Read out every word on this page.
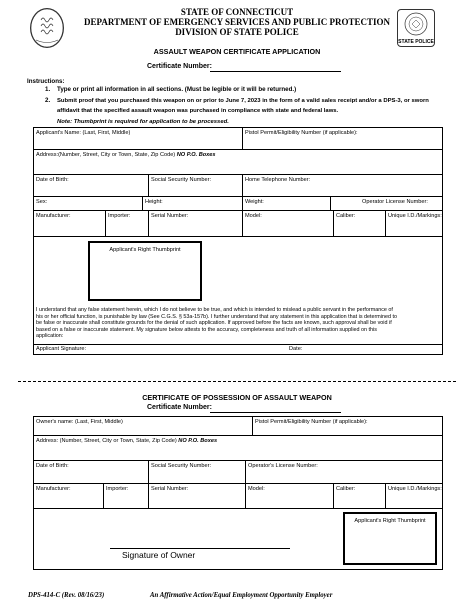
STATE OF CONNECTICUT
DEPARTMENT OF EMERGENCY SERVICES AND PUBLIC PROTECTION
DIVISION OF STATE POLICE
STATE POLICE
ASSAULT WEAPON CERTIFICATE APPLICATION
Certificate Number:
Instructions:
1. Type or print all information in all sections. (Must be legible or it will be returned.)
2. Submit proof that you purchased this weapon on or prior to June 7, 2023 in the form of a valid sales receipt and/or a DPS-3, or sworn
affidavit that the specified assault weapon was purchased in compliance with state and federal laws.
Note: Thumbprint is required for application to be processed.
Applicant's Name: (Last, First, Middle)	Pistol Permit/Eligibility Number (if applicable):
Address:(Number, Street, City or Town, State, Zip Code) NO P.O. Boxes
Date of Birth:	Social Security Number:	Home Telephone Number:
Sex:	Height:	Weight:	Operator License Number:
Manufacturer:	Importer:	Serial Number:	Model:	Caliber:	Unique I.D./Markings:
Applicant's Right Thumbprint
I understand that any false statement herein, which I do not believe to be true, and which is intended to mislead a public servant in the performance of
his or her official function, is punishable by law (See C.G.S. § 53a-157b). I further understand that any statement in this application that is determined to
be false or inaccurate shall constitute grounds for the denial of such application. If approved before the facts are known, such approval shall be void if
based on a false or inaccurate statement. My signature below attests to the accuracy, completeness and truth of all information supplied on this
application:
Applicant Signature:	Date:
CERTIFICATE OF POSSESSION OF ASSAULT WEAPON
Certificate Number:
Owner's name: (Last, First, Middle)	Pistol Permit/Eligibility Number (if applicable):
Address: (Number, Street, City or Town, State, Zip Code) NO P.O. Boxes
Date of Birth:	Social Security Number:	Operator's License Number:
Manufacturer:	Importer:	Serial Number:	Model:	Caliber:	Unique I.D./Markings:
Applicant's Right Thumbprint
Signature of Owner
DPS-414-C (Rev. 08/16/23)	An Affirmative Action/Equal Employment Opportunity Employer
